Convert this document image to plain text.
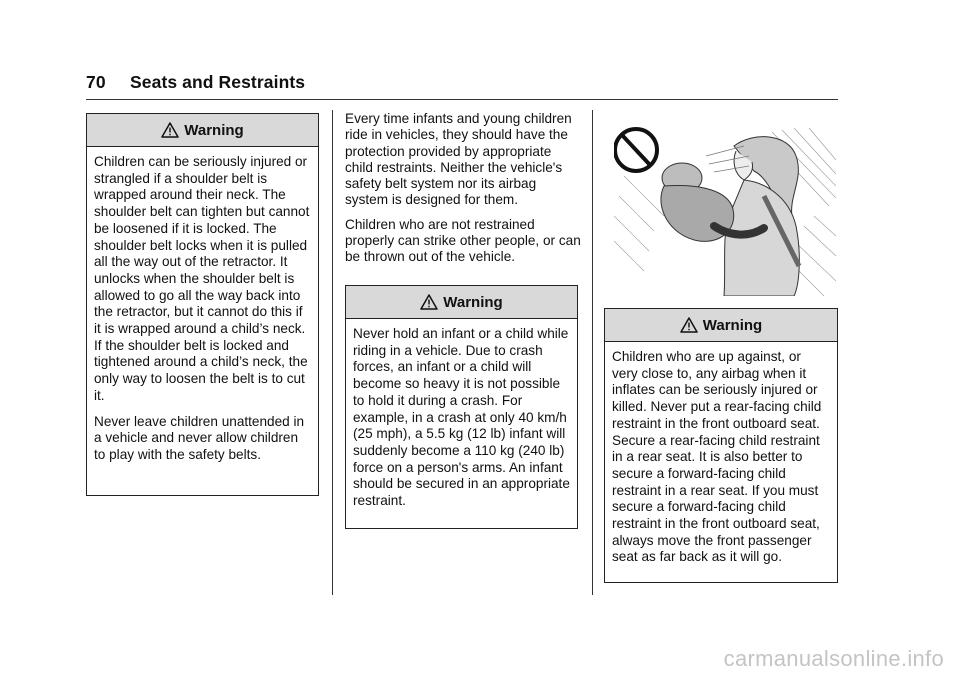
70 Seats and Restraints
Warning

Children can be seriously injured or strangled if a shoulder belt is wrapped around their neck. The shoulder belt can tighten but cannot be loosened if it is locked. The shoulder belt locks when it is pulled all the way out of the retractor. It unlocks when the shoulder belt is allowed to go all the way back into the retractor, but it cannot do this if it is wrapped around a child’s neck. If the shoulder belt is locked and tightened around a child’s neck, the only way to loosen the belt is to cut it.

Never leave children unattended in a vehicle and never allow children to play with the safety belts.

Every time infants and young children ride in vehicles, they should have the protection provided by appropriate child restraints. Neither the vehicle's safety belt system nor its airbag system is designed for them.

Children who are not restrained properly can strike other people, or can be thrown out of the vehicle.

Warning

Never hold an infant or a child while riding in a vehicle. Due to crash forces, an infant or a child will become so heavy it is not possible to hold it during a crash. For example, in a crash at only 40 km/h (25 mph), a 5.5 kg (12 lb) infant will suddenly become a 110 kg (240 lb) force on a person's arms. An infant should be secured in an appropriate restraint.

Warning

Children who are up against, or very close to, any airbag when it inflates can be seriously injured or killed. Never put a rear-facing child restraint in the front outboard seat. Secure a rear-facing child restraint in a rear seat. It is also better to secure a forward-facing child restraint in a rear seat. If you must secure a forward-facing child restraint in the front outboard seat, always move the front passenger seat as far back as it will go.

carmanualsonline.info
